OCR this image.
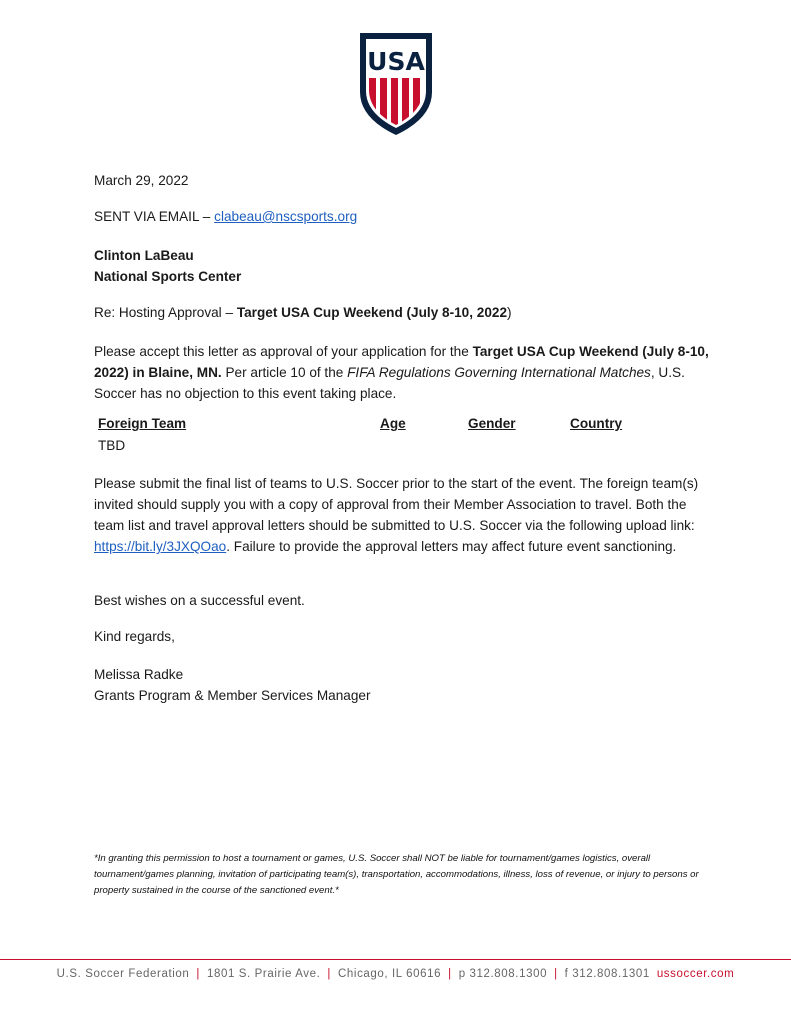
USA
March 29, 2022
SENT VIA EMAIL – clabeau@nscsports.org
Clinton LaBeau
National Sports Center
Re: Hosting Approval – Target USA Cup Weekend (July 8-10, 2022)
Please accept this letter as approval of your application for the Target USA Cup Weekend (July 8-10, 2022) in Blaine, MN. Per article 10 of the FIFA Regulations Governing International Matches, U.S. Soccer has no objection to this event taking place.
Foreign Team	Age	Gender	Country
TBD
Please submit the final list of teams to U.S. Soccer prior to the start of the event. The foreign team(s) invited should supply you with a copy of approval from their Member Association to travel. Both the team list and travel approval letters should be submitted to U.S. Soccer via the following upload link: https://bit.ly/3JXQOao. Failure to provide the approval letters may affect future event sanctioning.
Best wishes on a successful event.
Kind regards,
Melissa Radke
Grants Program & Member Services Manager
*In granting this permission to host a tournament or games, U.S. Soccer shall NOT be liable for tournament/games logistics, overall tournament/games planning, invitation of participating team(s), transportation, accommodations, illness, loss of revenue, or injury to persons or property sustained in the course of the sanctioned event.*
U.S. Soccer Federation | 1801 S. Prairie Ave. | Chicago, IL 60616 | p 312.808.1300 | f 312.808.1301 ussoccer.com
